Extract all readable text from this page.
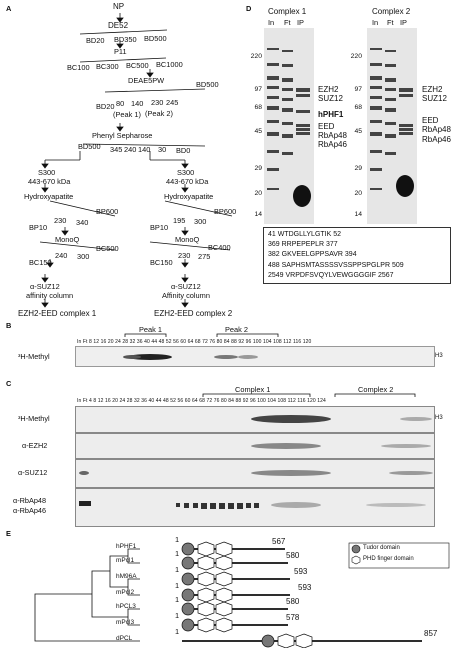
A	NP
DE52
BD20 BD350 BD500
P11
BC100 BC300 BC500 BC1000
DEAE5PW	BD500
BD20 80 140 230 245
(Peak 1) (Peak 2)
Phenyl Sepharose
BD500 345 240 140 30 BD0
S300
443-670 kDa
Hydroxyapatite
BP600
BP10
230 340
MonoQ
BC500
BC150
240 300
α-SUZ12
affinity column
EZH2-EED complex 1
S300
443-670 kDa
Hydroxyapatite
BP600
BP10
195 300
MonoQ
BC400
BC150
230 275
α-SUZ12
Affinity column
EZH2-EED complex 2
D Complex 1	Complex 2
In Ft IP	In Ft IP
220
97
68
45
29
20
14
220
97
68
45
29
20
14
EZH2
SUZ12
hPHF1
EED
RbAp48
RbAp46
EZH2
SUZ12
EED
RbAp48
RbAp46
41 WTDGLLYLGTIK 52
369 RRPEPEPLR 377
382 GKVEELGPPSAVR 394
488 SAPHSMTASSSSVSSPPSPGLPR 509
2549 VRPDFSVQYLVEWGGGGIF 2567
B	Peak 1	Peak 2
In Ft 8 12 16 20 24 28 32 36 40 44 48 52 56 60 64 68 72 76 80 84 88 92 96 100 104 108 112 116 120
³H-Methyl	H3
C
Complex 1	Complex 2
In Ft 4 8 12 16 20 24 28 32 36 40 44 48 52 56 60 64 68 72 76 80 84 88 92 96 100 104 108 112 116 120 124
³H-Methyl	H3
α-EZH2
α-SUZ12
α-RbAp48
α-RbAp46
E
Tudor domain
PHD finger domain
hPHF1
mPcl1
hM96A
mPcl2
hPCL3
mPcl3
dPCL
1
1
1
1
1
1
1
567
580
593
593
580
578
857
